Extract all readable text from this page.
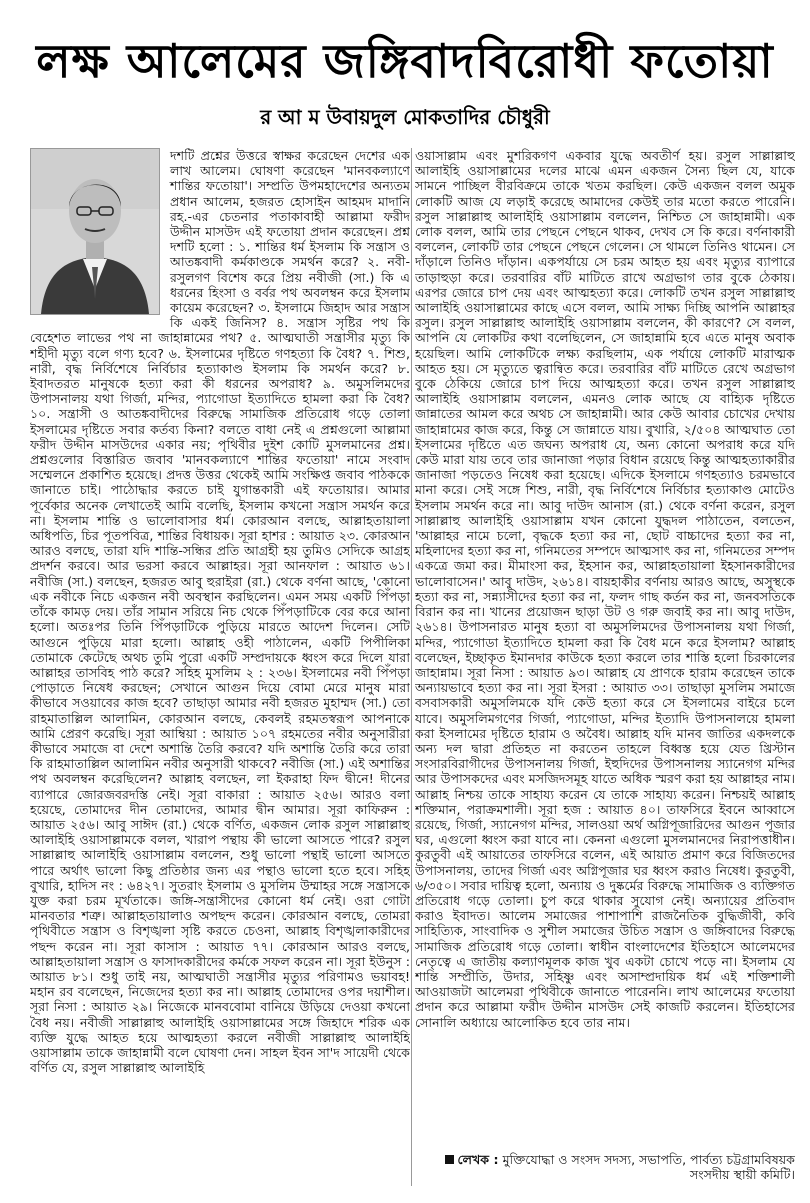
লক্ষ আলেমের জঙ্গিবাদবিরোধী ফতোয়া
র আ ম উবায়দুল মোকতাদির চৌধুরী

দশটি প্রশ্নের উত্তরে স্বাক্ষর করেছেন দেশের এক লাখ আলেম। ঘোষণা করেছেন 'মানবকল্যাণে শান্তির ফতোয়া'। সম্প্রতি উপমহাদেশের অন্যতম প্রধান আলেম, হজরত হোসাইন আহমদ মাদানি রহ.-এর চেতনার পতাকাবাহী আল্লামা ফরীদ উদ্দীন মাসউদ এই ফতোয়া প্রদান করেছেন। প্রশ্ন দশটি হলো : ১. শান্তির ধর্ম ইসলাম কি সন্ত্রাস ও আতঙ্কবাদী কর্মকাণ্ডকে সমর্থন করে? ২. নবী-রসুলগণ বিশেষ করে প্রিয় নবীজী (সা.) কি এ ধরনের হিংসা ও বর্বর পথ অবলম্বন করে ইসলাম কায়েম করেছেন? ৩. ইসলামে জিহাদ আর সন্ত্রাস কি একই জিনিস? ৪. সন্ত্রাস সৃষ্টির পথ কি বেহেশত লাভের পথ না জাহান্নামের পথ? ৫. আত্মঘাতী সন্ত্রাসীর মৃত্যু কি শহীদী মৃত্যু বলে গণ্য হবে? ৬. ইসলামের দৃষ্টিতে গণহত্যা কি বৈধ? ৭. শিশু, নারী, বৃদ্ধ নির্বিশেষে নির্বিচার হত্যাকাণ্ড ইসলাম কি সমর্থন করে? ৮. ইবাদতরত মানুষকে হত্যা করা কী ধরনের অপরাধ? ৯. অমুসলিমদের উপাসনালয় যথা গির্জা, মন্দির, প্যাগোডা ইত্যাদিতে হামলা করা কি বৈধ? ১০. সন্ত্রাসী ও আতঙ্কবাদীদের বিরুদ্ধে সামাজিক প্রতিরোধ গড়ে তোলা ইসলামের দৃষ্টিতে সবার কর্তব্য কিনা? বলতে বাধা নেই এ প্রশ্নগুলো আল্লামা ফরীদ উদ্দীন মাসউদের একার নয়; পৃথিবীর দুইশ কোটি মুসলমানের প্রশ্ন। প্রশ্নগুলোর বিস্তারিত জবাব 'মানবকল্যাণে শান্তির ফতোয়া' নামে সংবাদ সম্মেলনে প্রকাশিত হয়েছে। প্রদত্ত উত্তর থেকেই আমি সংক্ষিপ্ত জবাব পাঠককে জানাতে চাই। পাঠোদ্ধার করতে চাই যুগান্তকারী এই ফতোয়ার। আমার পূর্বেকার অনেক লেখাতেই আমি বলেছি, ইসলাম কখনো সন্ত্রাস সমর্থন করে না। ইসলাম শান্তি ও ভালোবাসার ধর্ম। কোরআন বলছে, আল্লাহতায়ালা অধিপতি, চির পূতপবিত্র, শান্তির বিধায়ক। সূরা হাশর : আয়াত ২৩. কোরআন আরও বলছে, তারা যদি শান্তি-সন্ধির প্রতি আগ্রহী হয় তুমিও সেদিকে আগ্রহ প্রদর্শন করবে। আর ভরসা করবে আল্লাহর। সূরা আনফাল : আয়াত ৬১। নবীজি (সা.) বলছেন, হজরত আবু হুরাইরা (রা.) থেকে বর্ণনা আছে, 'কোনো এক নবীকে নিচে একজন নবী অবস্থান করছিলেন। এমন সময় একটি পিঁপড়া তাঁকে কামড় দেয়। তাঁর সামান সরিয়ে নিচ থেকে পিঁপড়াটিকে বের করে আনা হলো। অতঃপর তিনি পিঁপড়াটিকে পুড়িয়ে মারতে আদেশ দিলেন। সেটি আগুনে পুড়িয়ে মারা হলো। আল্লাহ ওহী পাঠালেন, একটি পিপীলিকা তোমাকে কেটেছে অথচ তুমি পুরো একটি সম্প্রদায়কে ধ্বংস করে দিলে যারা আল্লাহর তাসবিহ পাঠ করে? সহিহ মুসলিম ২ : ২৩৬। ইসলামের নবী পিঁপড়া পোড়াতে নিষেধ করছেন; সেখানে আগুন দিয়ে বোমা মেরে মানুষ মারা কীভাবে সওয়াবের কাজ হবে? তাছাড়া আমার নবী হজরত মুহাম্মদ (সা.) তো রাহমাতাল্লিল আলামিন, কোরআন বলছে, কেবলই রহমতস্বরূপ আপনাকে আমি প্রেরণ করেছি। সূরা আম্বিয়া : আয়াত ১০৭ রহমতের নবীর অনুসারীরা কীভাবে সমাজে বা দেশে অশান্তি তৈরি করবে? যদি অশান্তি তৈরি করে তারা কি রাহমাতাল্লিল আলামিন নবীর অনুসারী থাকবে? নবীজি (সা.) এই অশান্তির পথ অবলম্বন করেছিলেন? আল্লাহ বলছেন, লা ইকরাহা ফিদ দ্বীনে! দীনের ব্যাপারে জোরজবরদস্তি নেই। সূরা বাকারা : আয়াত ২৫৬। আরও বলা হয়েছে, তোমাদের দীন তোমাদের, আমার দ্বীন আমার। সূরা কাফিরুন : আয়াত ২৫৬। আবু সাঈদ (রা.) থেকে বর্ণিত, একজন লোক রসুল সাল্লাল্লাহু আলাইহি ওয়াসাল্লামকে বলল, খারাপ পন্থায় কী ভালো আসতে পারে? রসুল সাল্লাল্লাহু আলাইহি ওয়াসাল্লাম বললেন, শুধু ভালো পন্থাই ভালো আসতে পারে অর্থাৎ ভালো কিছু প্রতিষ্ঠার জন্য এর পন্থাও ভালো হতে হবে। সহিহ বুখারি, হাদিস নং : ৬৪২৭। সুতরাং ইসলাম ও মুসলিম উম্মাহর সঙ্গে সন্ত্রাসকে যুক্ত করা চরম মূর্খতাকে। জঙ্গি-সন্ত্রাসীদের কোনো ধর্ম নেই। ওরা গোটা মানবতার শত্রু। আল্লাহতায়ালাও অপছন্দ করেন। কোরআন বলছে, তোমরা পৃথিবীতে সন্ত্রাস ও বিশৃঙ্খলা সৃষ্টি করতে চেওনা, আল্লাহ বিশৃঙ্খলাকারীদের পছন্দ করেন না। সূরা কাসাস : আয়াত ৭৭। কোরআন আরও বলছে, আল্লাহতায়ালা সন্ত্রাস ও ফাসাদকারীদের কর্মকে সফল করেন না। সূরা ইউনুস : আয়াত ৮১। শুধু তাই নয়, আত্মঘাতী সন্ত্রাসীর মৃত্যুর পরিণামও ভয়াবহ! মহান রব বলেছেন, নিজেদের হত্যা কর না। আল্লাহ তোমাদের ওপর দয়াশীল। সূরা নিসা : আয়াত ২৯। নিজেকে মানববোমা বানিয়ে উড়িয়ে দেওয়া কখনো বৈধ নয়। নবীজী সাল্লাল্লাহু আলাইহি ওয়াসাল্লামের সঙ্গে জিহাদে শরিক এক ব্যক্তি যুদ্ধে আহত হয়ে আত্মহত্যা করলে নবীজী সাল্লাল্লাহু আলাইহি ওয়াসাল্লাম তাকে জাহান্নামী বলে ঘোষণা দেন। সাহল ইবন সা'দ সায়েদী থেকে বর্ণিত যে, রসুল সাল্লাল্লাহু আলাইহি

ওয়াসাল্লাম এবং মুশরিকগণ একবার যুদ্ধে অবতীর্ণ হয়। রসুল সাল্লাল্লাহু আলাইহি ওয়াসাল্লামের দলের মাঝে এমন একজন সৈন্য ছিল যে, যাকে সামনে পাচ্ছিল বীরবিক্রমে তাকে খতম করছিল। কেউ একজন বলল অমুক লোকটি আজ যে লড়াই করেছে আমাদের কেউই তার মতো করতে পারেনি। রসুল সাল্লাল্লাহু আলাইহি ওয়াসাল্লাম বললেন, নিশ্চিত সে জাহান্নামী। এক লোক বলল, আমি তার পেছনে পেছনে থাকব, দেখব সে কি করে। বর্ণনাকারী বললেন, লোকটি তার পেছনে পেছনে গেলেন। সে থামলে তিনিও থামেন। সে দাঁড়ালে তিনিও দাঁড়ান। একপর্যায়ে সে চরম আহত হয় এবং মৃত্যুর ব্যাপারে তাড়াহুড়া করে। তরবারির বাঁট মাটিতে রাখে অগ্রভাগ তার বুকে ঠেকায়। এরপর জোরে চাপ দেয় এবং আত্মহত্যা করে। লোকটি তখন রসুল সাল্লাল্লাহু আলাইহি ওয়াসাল্লামের কাছে এসে বলল, আমি সাক্ষ্য দিচ্ছি আপনি আল্লাহর রসুল। রসুল সাল্লাল্লাহু আলাইহি ওয়াসাল্লাম বললেন, কী কারণে? সে বলল, আপনি যে লোকটির কথা বলেছিলেন, সে জাহান্নামি হবে এতে মানুষ অবাক হয়েছিল। আমি লোকটিকে লক্ষ্য করছিলাম, এক পর্যায়ে লোকটি মারাত্মক আহত হয়। সে মৃত্যুতে ত্বরান্বিত করে। তরবারির বাঁট মাটিতে রেখে অগ্রভাগ বুকে ঠেকিয়ে জোরে চাপ দিয়ে আত্মহত্যা করে। তখন রসুল সাল্লাল্লাহু আলাইহি ওয়াসাল্লাম বললেন, এমনও লোক আছে যে বাহ্যিক দৃষ্টিতে জান্নাতের আমল করে অথচ সে জাহান্নামী। আর কেউ আবার চোখের দেখায় জাহান্নামের কাজ করে, কিন্তু সে জান্নাতে যায়। বুখারি, ২/৫০৪ আত্মঘাত তো ইসলামের দৃষ্টিতে এত জঘন্য অপরাধ যে, অন্য কোনো অপরাধ করে যদি কেউ মারা যায় তবে তার জানাজা পড়ার বিধান রয়েছে কিন্তু আত্মহত্যাকারীর জানাজা পড়তেও নিষেধ করা হয়েছে। এদিকে ইসলামে গণহত্যাও চরমভাবে মানা করে। সেই সঙ্গে শিশু, নারী, বৃদ্ধ নির্বিশেষে নির্বিচার হত্যাকাণ্ড মোটেও ইসলাম সমর্থন করে না। আবু দাউদ আনাস (রা.) থেকে বর্ণনা করেন, রসুল সাল্লাল্লাহু আলাইহি ওয়াসাল্লাম যখন কোনো যুদ্ধদল পাঠাতেন, বলতেন, 'আল্লাহর নামে চলো, বৃদ্ধকে হত্যা কর না, ছোট বাচ্চাদের হত্যা কর না, মহিলাদের হত্যা কর না, গনিমতের সম্পদে আত্মসাৎ কর না, গনিমতের সম্পদ একত্রে জমা কর। মীমাংসা কর, ইহসান কর, আল্লাহতায়ালা ইহসানকারীদের ভালোবাসেন।' আবু দাউদ, ২৬১৪। বায়হাকীর বর্ণনায় আরও আছে, অসুস্থকে হত্যা কর না, সন্ন্যাসীদের হত্যা কর না, ফলদ গাছ কর্তন কর না, জনবসতিকে বিরান কর না। খানের প্রয়োজন ছাড়া উট ও গরু জবাই কর না। আবু দাউদ, ২৬১৪। উপাসনারত মানুষ হত্যা বা অমুসলিমদের উপাসনালয় যথা গির্জা, মন্দির, প্যাগোডা ইত্যাদিতে হামলা করা কি বৈধ মনে করে ইসলাম? আল্লাহ বলেছেন, ইচ্ছাকৃত ইমানদার কাউকে হত্যা করলে তার শাস্তি হলো চিরকালের জাহান্নাম। সূরা নিসা : আয়াত ৯৩। আল্লাহ যে প্রাণকে হারাম করেছেন তাকে অন্যায়ভাবে হত্যা কর না। সূরা ইসরা : আয়াত ৩৩। তাছাড়া মুসলিম সমাজে বসবাসকারী অমুসলিমকে যদি কেউ হত্যা করে সে ইসলামের বাইরে চলে যাবে। অমুসলিমগণের গির্জা, প্যাগোডা, মন্দির ইত্যাদি উপাসনালয়ে হামলা করা ইসলামের দৃষ্টিতে হারাম ও অবৈধ। আল্লাহ যদি মানব জাতির একদলকে অন্য দল দ্বারা প্রতিহত না করতেন তাহলে বিধ্বস্ত হয়ে যেত খ্রিস্টান সংসারবিরাগীদের উপাসনালয় গির্জা, ইহুদিদের উপাসনালয় স্যানেগগ মন্দির আর উপাসকদের এবং মসজিদসমূহ যাতে অধিক স্মরণ করা হয় আল্লাহর নাম। আল্লাহ নিশ্চয় তাকে সাহায্য করেন যে তাকে সাহায্য করেন। নিশ্চয়ই আল্লাহ শক্তিমান, পরাক্রমশালী। সূরা হজ : আয়াত ৪০। তাফসিরে ইবনে আব্বাসে রয়েছে, গির্জা, স্যানেগগ মন্দির, সালওয়া অর্থ অগ্নিপূজারিদের আগুন পূজার ঘর, এগুলো ধ্বংস করা যাবে না। কেননা এগুলো মুসলমানদের নিরাপত্তাধীন। কুরতুবী এই আয়াতের তাফসিরে বলেন, এই আয়াত প্রমাণ করে বিজিতদের উপাসনালয়, তাদের গির্জা এবং অগ্নিপূজার ঘর ধ্বংস করাও নিষেধ। কুরতুবী, ৬/৩৫০। সবার দায়িত্ব হলো, অন্যায় ও দুষ্কর্মের বিরুদ্ধে সামাজিক ও ব্যক্তিগত প্রতিরোধ গড়ে তোলা। চুপ করে থাকার সুযোগ নেই। অন্যায়ের প্রতিবাদ করাও ইবাদত। আলেম সমাজের পাশাপাশি রাজনৈতিক বুদ্ধিজীবী, কবি সাহিত্যিক, সাংবাদিক ও সুশীল সমাজের উচিত সন্ত্রাস ও জঙ্গিবাদের বিরুদ্ধে সামাজিক প্রতিরোধ গড়ে তোলা। স্বাধীন বাংলাদেশের ইতিহাসে আলেমদের নেতৃত্বে এ জাতীয় কল্যাণমূলক কাজ খুব একটা চোখে পড়ে না। ইসলাম যে শান্তি সম্প্রীতি, উদার, সহিষ্ণু এবং অসাম্প্রদায়িক ধর্ম এই শক্তিশালী আওয়াজটা আলেমরা পৃথিবীকে জানাতে পারেননি। লাখ আলেমের ফতোয়া প্রদান করে আল্লামা ফরীদ উদ্দীন মাসউদ সেই কাজটি করলেন। ইতিহাসের সোনালি অধ্যায়ে আলোকিত হবে তার নাম।

লেখক : মুক্তিযোদ্ধা ও সংসদ সদস্য, সভাপতি, পার্বত্য চট্টগ্রামবিষয়ক সংসদীয় স্থায়ী কমিটি।
